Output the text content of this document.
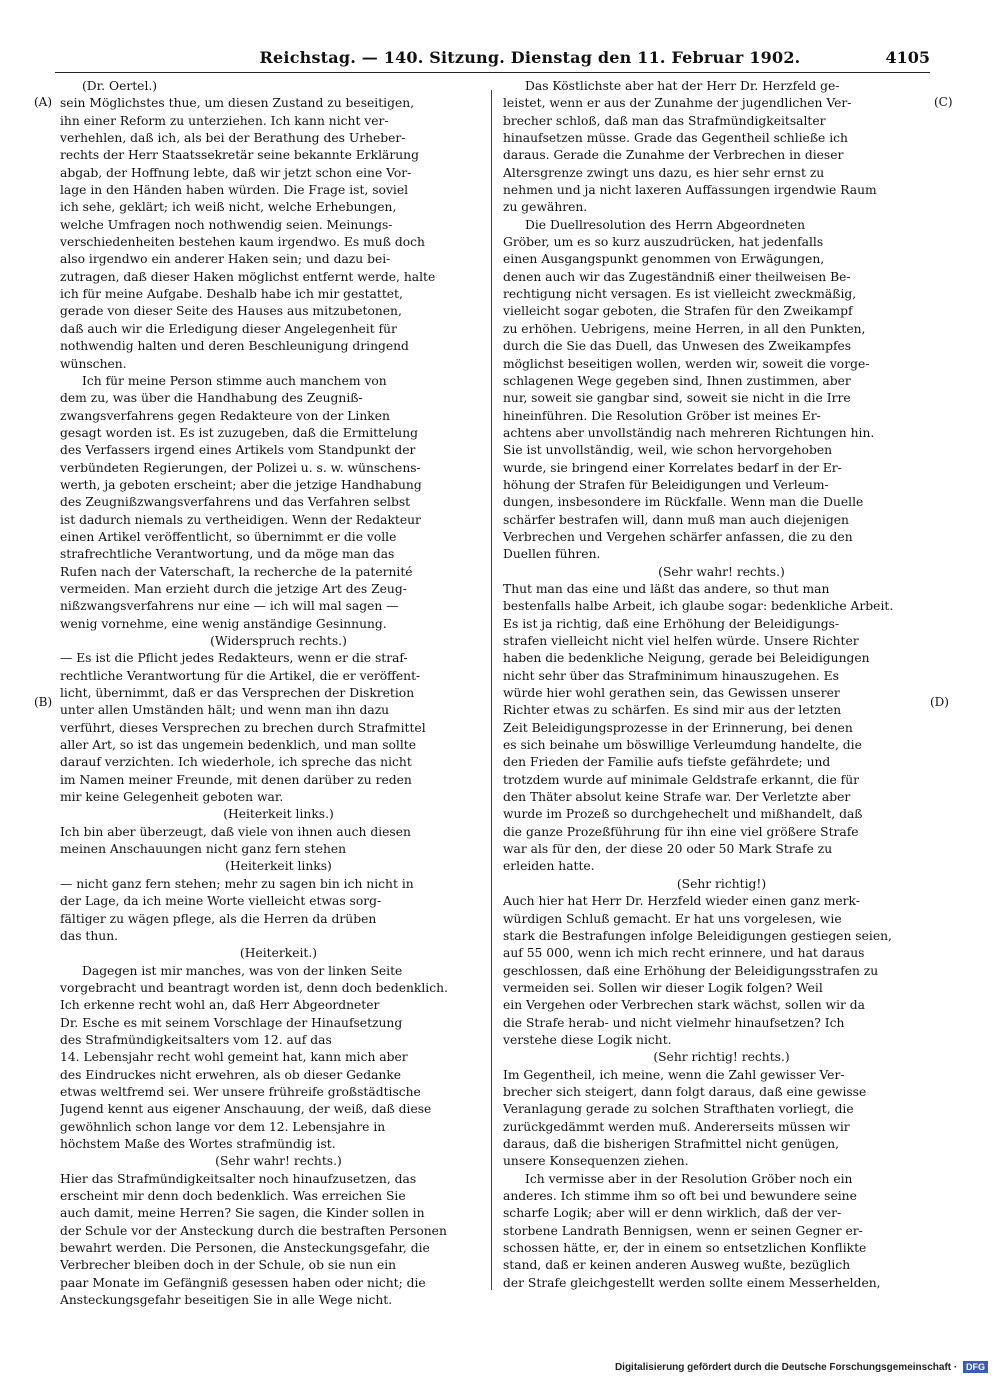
Reichstag. — 140. Sitzung. Dienstag den 11. Februar 1902.	4105
(Dr. Oertel.)
sein Möglichstes thue, um diesen Zustand zu beseitigen,
ihn einer Reform zu unterziehen. Ich kann nicht ver-
verhehlen, daß ich, als bei der Berathung des Urheber-
rechts der Herr Staatssekretär seine bekannte Erklärung
abgab, der Hoffnung lebte, daß wir jetzt schon eine Vor-
lage in den Händen haben würden. Die Frage ist, soviel
ich sehe, geklärt; ich weiß nicht, welche Erhebungen,
welche Umfragen noch nothwendig seien. Meinungs-
verschiedenheiten bestehen kaum irgendwo. Es muß doch
also irgendwo ein anderer Haken sein; und dazu bei-
zutragen, daß dieser Haken möglichst entfernt werde, halte
ich für meine Aufgabe. Deshalb habe ich mir gestattet,
gerade von dieser Seite des Hauses aus mitzubetonen,
daß auch wir die Erledigung dieser Angelegenheit für
nothwendig halten und deren Beschleunigung dringend
wünschen.
Ich für meine Person stimme auch manchem von
dem zu, was über die Handhabung des Zeugniß-
zwangsverfahrens gegen Redakteure von der Linken
gesagt worden ist. Es ist zuzugeben, daß die Ermittelung
des Verfassers irgend eines Artikels vom Standpunkt der
verbündeten Regierungen, der Polizei u. s. w. wünschens-
werth, ja geboten erscheint; aber die jetzige Handhabung
des Zeugnißzwangsverfahrens und das Verfahren selbst
ist dadurch niemals zu vertheidigen. Wenn der Redakteur
einen Artikel veröffentlicht, so übernimmt er die volle
strafrechtliche Verantwortung, und da möge man das
Rufen nach der Vaterschaft, la recherche de la paternité
vermeiden. Man erzieht durch die jetzige Art des Zeug-
nißzwangsverfahrens nur eine — ich will mal sagen —
wenig vornehme, eine wenig anständige Gesinnung.
(Widerspruch rechts.)
— Es ist die Pflicht jedes Redakteurs, wenn er die straf-
rechtliche Verantwortung für die Artikel, die er veröffent-
licht, übernimmt, daß er das Versprechen der Diskretion
unter allen Umständen hält; und wenn man ihn dazu
verführt, dieses Versprechen zu brechen durch Strafmittel
aller Art, so ist das ungemein bedenklich, und man sollte
darauf verzichten. Ich wiederhole, ich spreche das nicht
im Namen meiner Freunde, mit denen darüber zu reden
mir keine Gelegenheit geboten war.
(Heiterkeit links.)
Ich bin aber überzeugt, daß viele von ihnen auch diesen
meinen Anschauungen nicht ganz fern stehen
(Heiterkeit links)
— nicht ganz fern stehen; mehr zu sagen bin ich nicht in
der Lage, da ich meine Worte vielleicht etwas sorg-
fältiger zu wägen pflege, als die Herren da drüben
das thun.
(Heiterkeit.)
Dagegen ist mir manches, was von der linken Seite
vorgebracht und beantragt worden ist, denn doch bedenklich.
Ich erkenne recht wohl an, daß Herr Abgeordneter
Dr. Esche es mit seinem Vorschlage der Hinaufsetzung
des Strafmündigkeitsalters vom 12. auf das
14. Lebensjahr recht wohl gemeint hat, kann mich aber
des Eindruckes nicht erwehren, als ob dieser Gedanke
etwas weltfremd sei. Wer unsere frühreife großstädtische
Jugend kennt aus eigener Anschauung, der weiß, daß diese
gewöhnlich schon lange vor dem 12. Lebensjahre in
höchstem Maße des Wortes strafmündig ist.
(Sehr wahr! rechts.)
Hier das Strafmündigkeitsalter noch hinaufzusetzen, das
erscheint mir denn doch bedenklich. Was erreichen Sie
auch damit, meine Herren? Sie sagen, die Kinder sollen in
der Schule vor der Ansteckung durch die bestraften Personen
bewahrt werden. Die Personen, die Ansteckungsgefahr, die
Verbrecher bleiben doch in der Schule, ob sie nun ein
paar Monate im Gefängniß gesessen haben oder nicht; die
Ansteckungsgefahr beseitigen Sie in alle Wege nicht.
Das Köstlichste aber hat der Herr Dr. Herzfeld ge-
leistet, wenn er aus der Zunahme der jugendlichen Ver-
brecher schloß, daß man das Strafmündigkeitsalter
hinaufsetzen müsse. Grade das Gegentheil schließe ich
daraus. Gerade die Zunahme der Verbrechen in dieser
Altersgrenze zwingt uns dazu, es hier sehr ernst zu
nehmen und ja nicht laxeren Auffassungen irgendwie Raum
zu gewähren.
Die Duellresolution des Herrn Abgeordneten
Gröber, um es so kurz auszudrücken, hat jedenfalls
einen Ausgangspunkt genommen von Erwägungen,
denen auch wir das Zugeständniß einer theilweisen Be-
rechtigung nicht versagen. Es ist vielleicht zweckmäßig,
vielleicht sogar geboten, die Strafen für den Zweikampf
zu erhöhen. Uebrigens, meine Herren, in all den Punkten,
durch die Sie das Duell, das Unwesen des Zweikampfes
möglichst beseitigen wollen, werden wir, soweit die vorge-
schlagenen Wege gegeben sind, Ihnen zustimmen, aber
nur, soweit sie gangbar sind, soweit sie nicht in die Irre
hineinführen. Die Resolution Gröber ist meines Er-
achtens aber unvollständig nach mehreren Richtungen hin.
Sie ist unvollständig, weil, wie schon hervorgehoben
wurde, sie bringend einer Korrelates bedarf in der Er-
höhung der Strafen für Beleidigungen und Verleum-
dungen, insbesondere im Rückfalle. Wenn man die Duelle
schärfer bestrafen will, dann muß man auch diejenigen
Verbrechen und Vergehen schärfer anfassen, die zu den
Duellen führen.
(Sehr wahr! rechts.)
Thut man das eine und läßt das andere, so thut man
bestenfalls halbe Arbeit, ich glaube sogar: bedenkliche Arbeit.
Es ist ja richtig, daß eine Erhöhung der Beleidigungs-
strafen vielleicht nicht viel helfen würde. Unsere Richter
haben die bedenkliche Neigung, gerade bei Beleidigungen
nicht sehr über das Strafminimum hinauszugehen. Es
würde hier wohl gerathen sein, das Gewissen unserer
Richter etwas zu schärfen. Es sind mir aus der letzten
Zeit Beleidigungsprozesse in der Erinnerung, bei denen
es sich beinahe um böswillige Verleumdung handelte, die
den Frieden der Familie aufs tiefste gefährdete; und
trotzdem wurde auf minimale Geldstrafe erkannt, die für
den Thäter absolut keine Strafe war. Der Verletzte aber
wurde im Prozeß so durchgehechelt und mißhandelt, daß
die ganze Prozeßführung für ihn eine viel größere Strafe
war als für den, der diese 20 oder 50 Mark Strafe zu
erleiden hatte.
(Sehr richtig!)
Auch hier hat Herr Dr. Herzfeld wieder einen ganz merk-
würdigen Schluß gemacht. Er hat uns vorgelesen, wie
stark die Bestrafungen infolge Beleidigungen gestiegen seien,
auf 55 000, wenn ich mich recht erinnere, und hat daraus
geschlossen, daß eine Erhöhung der Beleidigungsstrafen zu
vermeiden sei. Sollen wir dieser Logik folgen? Weil
ein Vergehen oder Verbrechen stark wächst, sollen wir da
die Strafe herab- und nicht vielmehr hinaufsetzen? Ich
verstehe diese Logik nicht.
(Sehr richtig! rechts.)
Im Gegentheil, ich meine, wenn die Zahl gewisser Ver-
brecher sich steigert, dann folgt daraus, daß eine gewisse
Veranlagung gerade zu solchen Strafthaten vorliegt, die
zurückgedämmt werden muß. Andererseits müssen wir
daraus, daß die bisherigen Strafmittel nicht genügen,
unsere Konsequenzen ziehen.
Ich vermisse aber in der Resolution Gröber noch ein
anderes. Ich stimme ihm so oft bei und bewundere seine
scharfe Logik; aber will er denn wirklich, daß der ver-
storbene Landrath Bennigsen, wenn er seinen Gegner er-
schossen hätte, er, der in einem so entsetzlichen Konflikte
stand, daß er keinen anderen Ausweg wußte, bezüglich
der Strafe gleichgestellt werden sollte einem Messerhelden,
(A)
(B)
(C)
(D)
Digitalisierung gefördert durch die Deutsche Forschungsgemeinschaft · DFG
